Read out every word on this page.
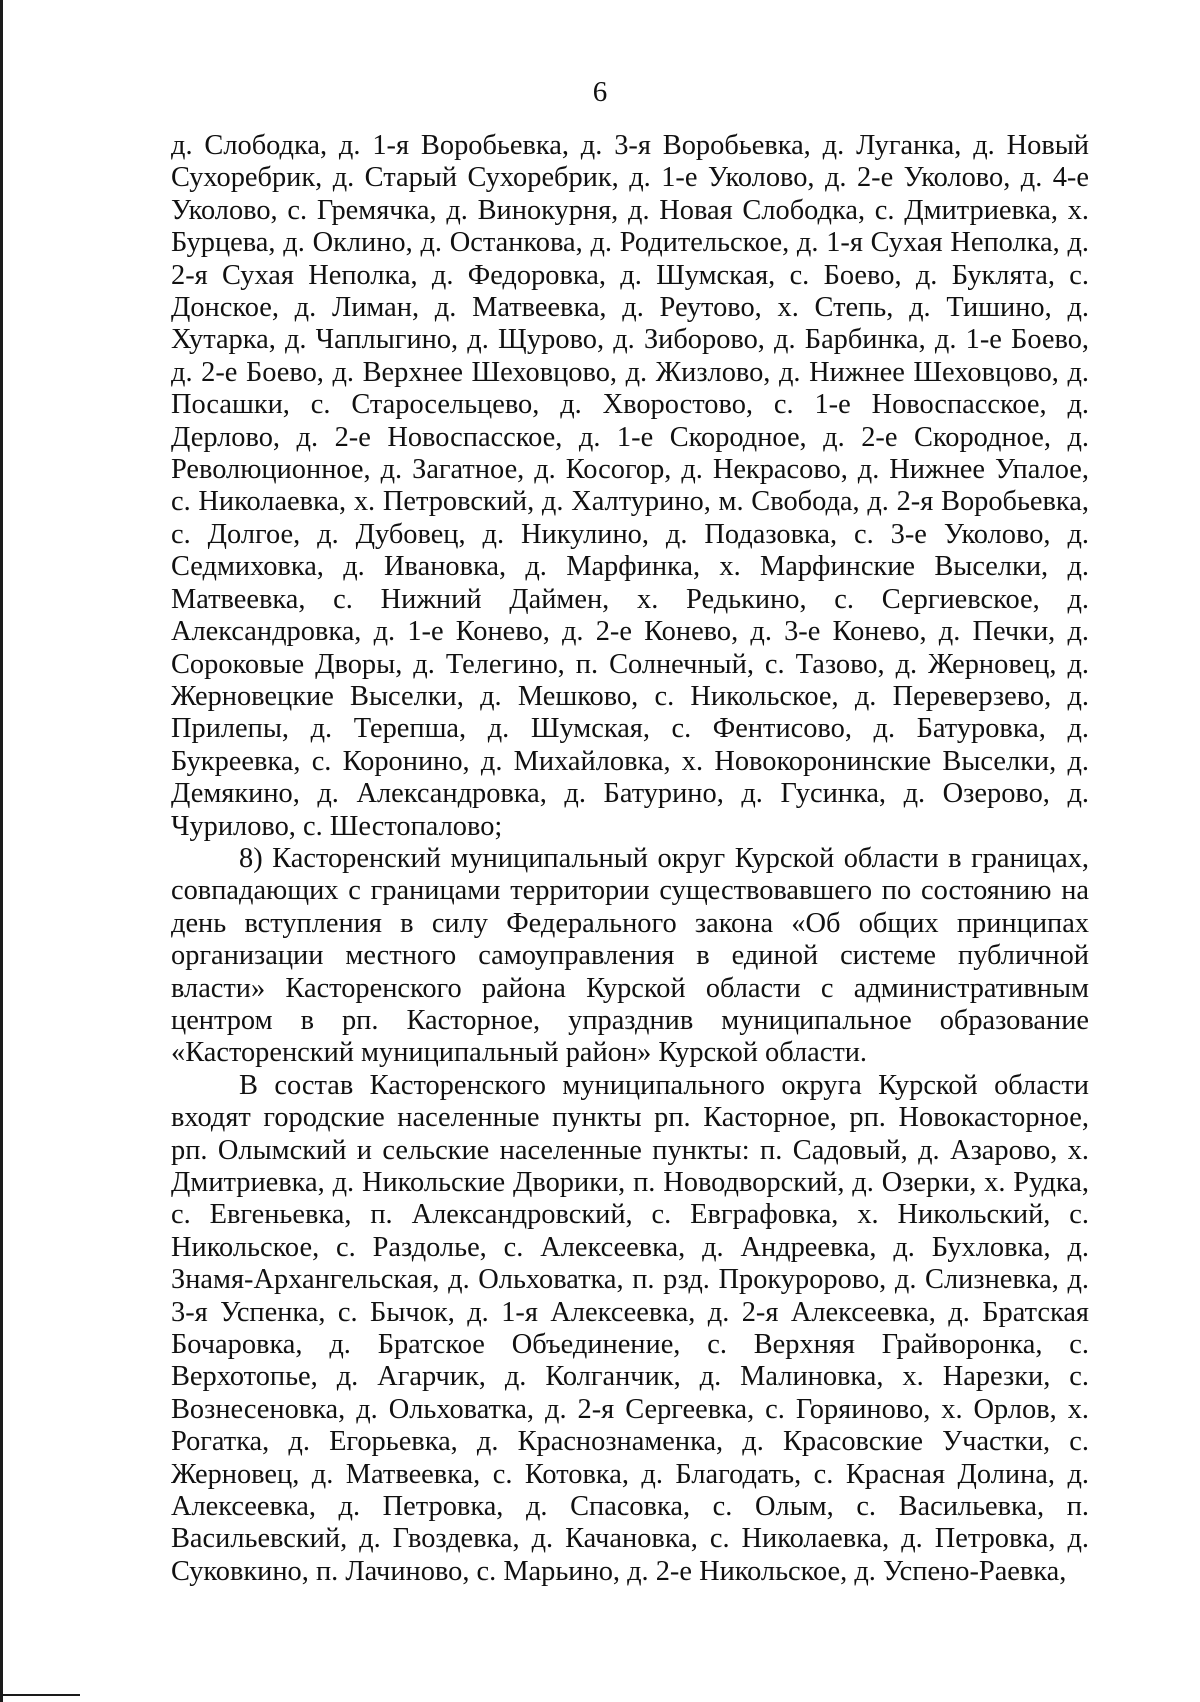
6

д. Слободка, д. 1-я Воробьевка, д. 3-я Воробьевка, д. Луганка, д. Новый Сухоребрик, д. Старый Сухоребрик, д. 1-е Уколово, д. 2-е Уколово, д. 4-е Уколово, с. Гремячка, д. Винокурня, д. Новая Слободка, с. Дмитриевка, х. Бурцева, д. Оклино, д. Останкова, д. Родительское, д. 1-я Сухая Неполка, д. 2-я Сухая Неполка, д. Федоровка, д. Шумская, с. Боево, д. Буклята, с. Донское, д. Лиман, д. Матвеевка, д. Реутово, х. Степь, д. Тишино, д. Хутарка, д. Чаплыгино, д. Щурово, д. Зиборово, д. Барбинка, д. 1-е Боево, д. 2-е Боево, д. Верхнее Шеховцово, д. Жизлово, д. Нижнее Шеховцово, д. Посашки, с. Старосельцево, д. Хворостово, с. 1-е Новоспасское, д. Дерлово, д. 2-е Новоспасское, д. 1-е Скородное, д. 2-е Скородное, д. Революционное, д. Загатное, д. Косогор, д. Некрасово, д. Нижнее Упалое, с. Николаевка, х. Петровский, д. Халтурино, м. Свобода, д. 2-я Воробьевка, с. Долгое, д. Дубовец, д. Никулино, д. Подазовка, с. 3-е Уколово, д. Седмиховка, д. Ивановка, д. Марфинка, х. Марфинские Выселки, д. Матвеевка, с. Нижний Даймен, х. Редькино, с. Сергиевское, д. Александровка, д. 1-е Конево, д. 2-е Конево, д. 3-е Конево, д. Печки, д. Сороковые Дворы, д. Телегино, п. Солнечный, с. Тазово, д. Жерновец, д. Жерновецкие Выселки, д. Мешково, с. Никольское, д. Переверзево, д. Прилепы, д. Терепша, д. Шумская, с. Фентисово, д. Батуровка, д. Букреевка, с. Коронино, д. Михайловка, х. Новокоронинские Выселки, д. Демякино, д. Александровка, д. Батурино, д. Гусинка, д. Озерово, д. Чурилово, с. Шестопалово;

8) Касторенский муниципальный округ Курской области в границах, совпадающих с границами территории существовавшего по состоянию на день вступления в силу Федерального закона «Об общих принципах организации местного самоуправления в единой системе публичной власти» Касторенского района Курской области с административным центром в рп. Касторное, упразднив муниципальное образование «Касторенский муниципальный район» Курской области.

В состав Касторенского муниципального округа Курской области входят городские населенные пункты рп. Касторное, рп. Новокасторное, рп. Олымский и сельские населенные пункты: п. Садовый, д. Азарово, х. Дмитриевка, д. Никольские Дворики, п. Новодворский, д. Озерки, х. Рудка, с. Евгеньевка, п. Александровский, с. Евграфовка, х. Никольский, с. Никольское, с. Раздолье, с. Алексеевка, д. Андреевка, д. Бухловка, д. Знамя-Архангельская, д. Ольховатка, п. рзд. Прокуророво, д. Слизневка, д. 3-я Успенка, с. Бычок, д. 1-я Алексеевка, д. 2-я Алексеевка, д. Братская Бочаровка, д. Братское Объединение, с. Верхняя Грайворонка, с. Верхотопье, д. Агарчик, д. Колганчик, д. Малиновка, х. Нарезки, с. Вознесеновка, д. Ольховатка, д. 2-я Сергеевка, с. Горяиново, х. Орлов, х. Рогатка, д. Егорьевка, д. Краснознаменка, д. Красовские Участки, с. Жерновец, д. Матвеевка, с. Котовка, д. Благодать, с. Красная Долина, д. Алексеевка, д. Петровка, д. Спасовка, с. Олым, с. Васильевка, п. Васильевский, д. Гвоздевка, д. Качановка, с. Николаевка, д. Петровка, д. Суковкино, п. Лачиново, с. Марьино, д. 2-е Никольское, д. Успено-Раевка,
